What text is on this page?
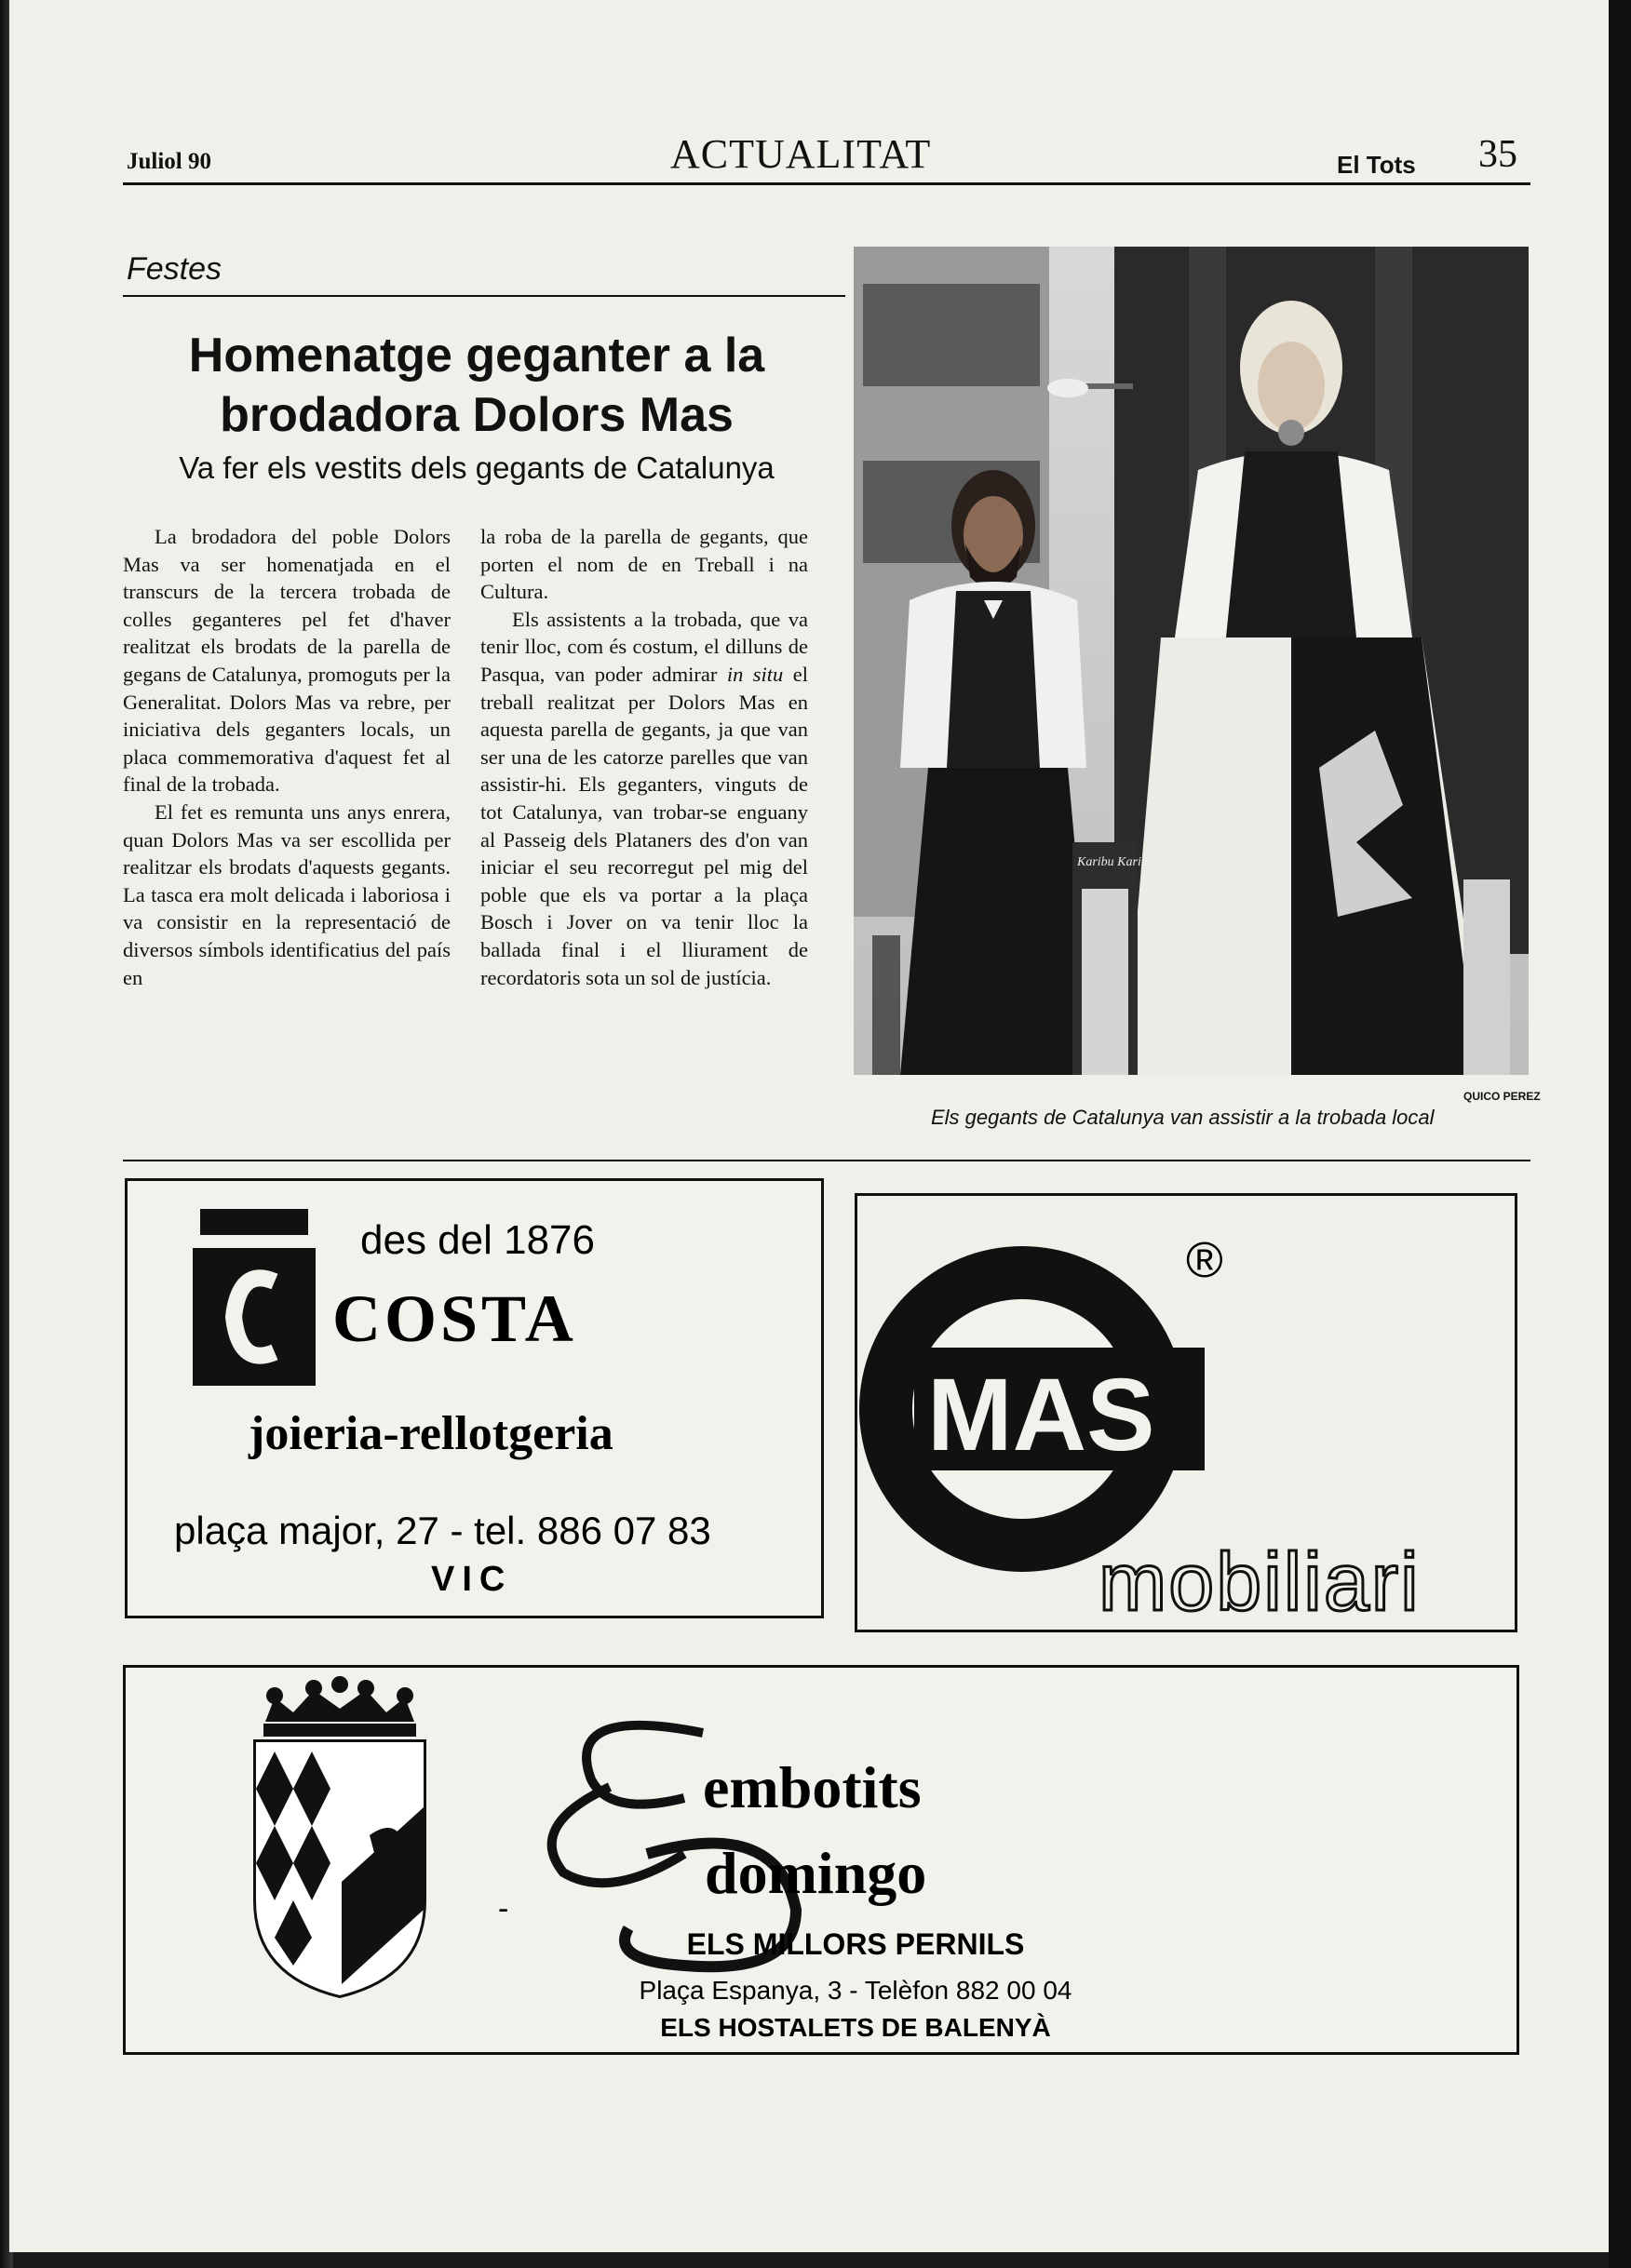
Juliol 90	ACTUALITAT	El Tots 35
Festes
Homenatge geganter a la brodadora Dolors Mas
Va fer els vestits dels gegants de Catalunya

La brodadora del poble Dolors Mas va ser homenatjada en el transcurs de la tercera trobada de colles geganteres pel fet d'haver realitzat els brodats de la parella de gegans de Catalunya, promoguts per la Generalitat. Dolors Mas va rebre, per iniciativa dels geganters locals, un placa commemorativa d'aquest fet al final de la trobada.

El fet es remunta uns anys enrera, quan Dolors Mas va ser escollida per realitzar els brodats d'aquests gegants. La tasca era molt delicada i laboriosa i va consistir en la representació de diversos símbols identificatius del país en

la roba de la parella de gegants, que porten el nom de en Treball i na Cultura.

Els assistents a la trobada, que va tenir lloc, com és costum, el dilluns de Pasqua, van poder admirar in situ el treball realitzat per Dolors Mas en aquesta parella de gegants, ja que van ser una de les catorze parelles que van assistir-hi. Els geganters, vinguts de tot Catalunya, van trobar-se enguany al Passeig dels Plataners des d'on van iniciar el seu recorregut pel mig del poble que els va portar a la plaça Bosch i Jover on va tenir lloc la ballada final i el lliurament de recordatoris sota un sol de justícia.

Karibu Karibu Ka
QUICO PEREZ
Els gegants de Catalunya van assistir a la trobada local
des del 1876
COSTA
joieria-rellotgeria
plaça major, 27 - tel. 886 07 83
VIC
MAS
®
mobiliari
-
embotits
domingo
ELS MILLORS PERNILS
Plaça Espanya, 3 - Telèfon 882 00 04
ELS HOSTALETS DE BALENYÀ
